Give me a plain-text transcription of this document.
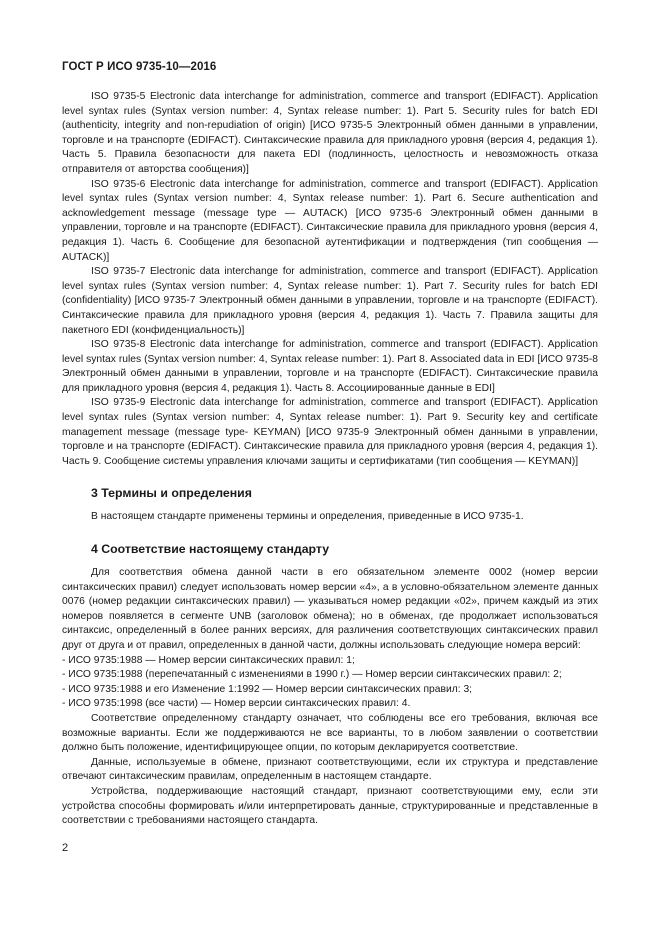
ГОСТ Р ИСО 9735-10—2016

ISO 9735-5 Electronic data interchange for administration, commerce and transport (EDIFACT). Application level syntax rules (Syntax version number: 4, Syntax release number: 1). Part 5. Security rules for batch EDI (authenticity, integrity and non-repudiation of origin) [ИСО 9735-5 Электронный обмен данными в управлении, торговле и на транспорте (EDIFACT). Синтаксические правила для прикладного уровня (версия 4, редакция 1). Часть 5. Правила безопасности для пакета EDI (подлинность, целостность и невозможность отказа отправителя от авторства сообщения)]

ISO 9735-6 Electronic data interchange for administration, commerce and transport (EDIFACT). Application level syntax rules (Syntax version number: 4, Syntax release number: 1). Part 6. Secure authentication and acknowledgement message (message type — AUTACK) [ИСО 9735-6 Электронный обмен данными в управлении, торговле и на транспорте (EDIFACT). Синтаксические правила для прикладного уровня (версия 4, редакция 1). Часть 6. Сообщение для безопасной аутентификации и подтверждения (тип сообщения — AUTACK)]

ISO 9735-7 Electronic data interchange for administration, commerce and transport (EDIFACT). Application level syntax rules (Syntax version number: 4, Syntax release number: 1). Part 7. Security rules for batch EDI (confidentiality) [ИСО 9735-7 Электронный обмен данными в управлении, торговле и на транспорте (EDIFACT). Синтаксические правила для прикладного уровня (версия 4, редакция 1). Часть 7. Правила защиты для пакетного EDI (конфиденциальность)]

ISO 9735-8 Electronic data interchange for administration, commerce and transport (EDIFACT). Application level syntax rules (Syntax version number: 4, Syntax release number: 1). Part 8. Associated data in EDI [ИСО 9735-8 Электронный обмен данными в управлении, торговле и на транспорте (EDIFACT). Синтаксические правила для прикладного уровня (версия 4, редакция 1). Часть 8. Ассоциированные данные в EDI]

ISO 9735-9 Electronic data interchange for administration, commerce and transport (EDIFACT). Application level syntax rules (Syntax version number: 4, Syntax release number: 1). Part 9. Security key and certificate management message (message type- KEYMAN) [ИСО 9735-9 Электронный обмен данными в управлении, торговле и на транспорте (EDIFACT). Синтаксические правила для прикладного уровня (версия 4, редакция 1). Часть 9. Сообщение системы управления ключами защиты и сертификатами (тип сообщения — KEYMAN)]

3 Термины и определения

В настоящем стандарте применены термины и определения, приведенные в ИСО 9735-1.

4 Соответствие настоящему стандарту

Для соответствия обмена данной части в его обязательном элементе 0002 (номер версии синтаксических правил) следует использовать номер версии «4», а в условно-обязательном элементе данных 0076 (номер редакции синтаксических правил) — указываться номер редакции «02», причем каждый из этих номеров появляется в сегменте UNB (заголовок обмена); но в обменах, где продолжает использоваться синтаксис, определенный в более ранних версиях, для различения соответствующих синтаксических правил друг от друга и от правил, определенных в данной части, должны использовать следующие номера версий:

- ИСО 9735:1988 — Номер версии синтаксических правил: 1;

- ИСО 9735:1988 (перепечатанный с изменениями в 1990 г.) — Номер версии синтаксических правил: 2;

- ИСО 9735:1988 и его Изменение 1:1992 — Номер версии синтаксических правил: 3;

- ИСО 9735:1998 (все части) — Номер версии синтаксических правил: 4.

Соответствие определенному стандарту означает, что соблюдены все его требования, включая все возможные варианты. Если же поддерживаются не все варианты, то в любом заявлении о соответствии должно быть положение, идентифицирующее опции, по которым декларируется соответствие.

Данные, используемые в обмене, признают соответствующими, если их структура и представление отвечают синтаксическим правилам, определенным в настоящем стандарте.

Устройства, поддерживающие настоящий стандарт, признают соответствующими ему, если эти устройства способны формировать и/или интерпретировать данные, структурированные и представленные в соответствии с требованиями настоящего стандарта.

2
